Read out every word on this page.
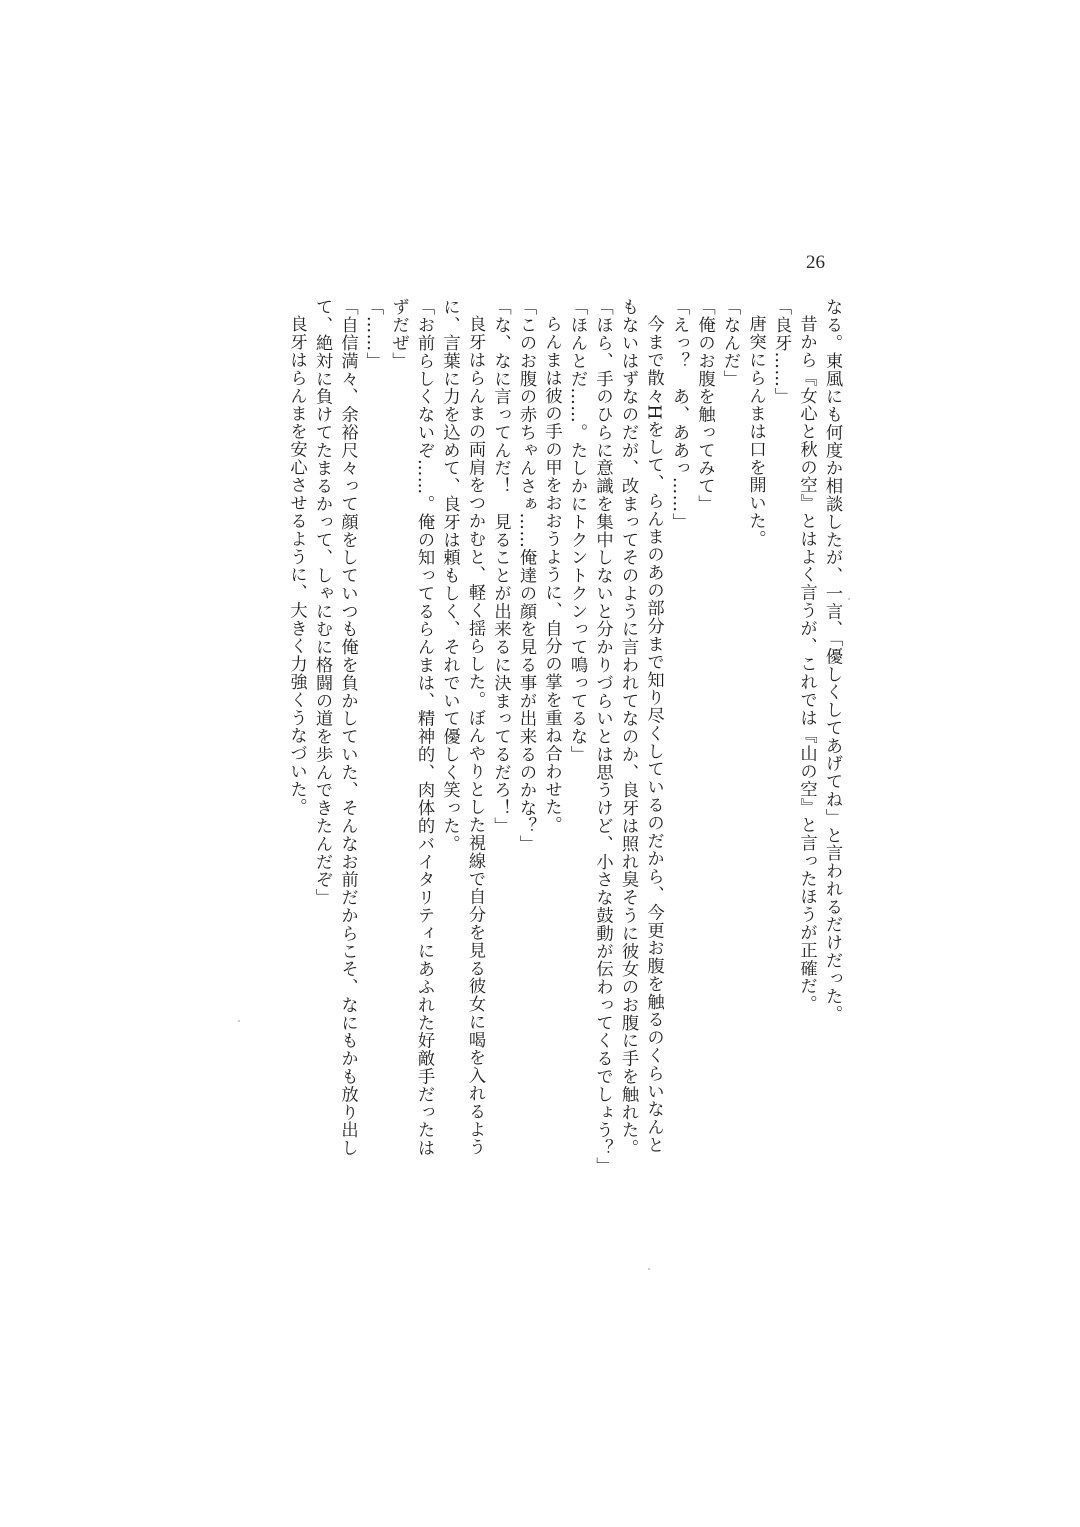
26
なる。東風にも何度か相談したが、一言、「優しくしてあげてね」と言われるだけだった。
昔から『女心と秋の空』とはよく言うが、これでは『山の空』と言ったほうが正確だ。
「良牙……」
唐突にらんまは口を開いた。
「なんだ」
「俺のお腹を触ってみて」
「えっ？　あ、ああっ……」
今まで散々Hをして、らんまのあの部分まで知り尽くしているのだから、今更お腹を触るのくらいなんと
もないはずなのだが、改まってそのように言われてなのか、良牙は照れ臭そうに彼女のお腹に手を触れた。
「ほら、手のひらに意識を集中しないと分かりづらいとは思うけど、小さな鼓動が伝わってくるでしょう？」
「ほんとだ……。たしかにトクントクンって鳴ってるな」
らんまは彼の手の甲をおおうように、自分の掌を重ね合わせた。
「このお腹の赤ちゃんさぁ……俺達の顔を見る事が出来るのかな？」
「な、なに言ってんだ！　見ることが出来るに決まってるだろ！」
良牙はらんまの両肩をつかむと、軽く揺らした。ぼんやりとした視線で自分を見る彼女に喝を入れるよう
に、言葉に力を込めて、良牙は頼もしく、それでいて優しく笑った。
「お前らしくないぞ……。俺の知ってるらんまは、精神的、肉体的バイタリティにあふれた好敵手だったは
ずだぜ」
「……」
「自信満々、余裕尺々って顔をしていつも俺を負かしていた、そんなお前だからこそ、なにもかも放り出し
て、絶対に負けてたまるかって、しゃにむに格闘の道を歩んできたんだぞ」
良牙はらんまを安心させるように、大きく力強くうなづいた。
